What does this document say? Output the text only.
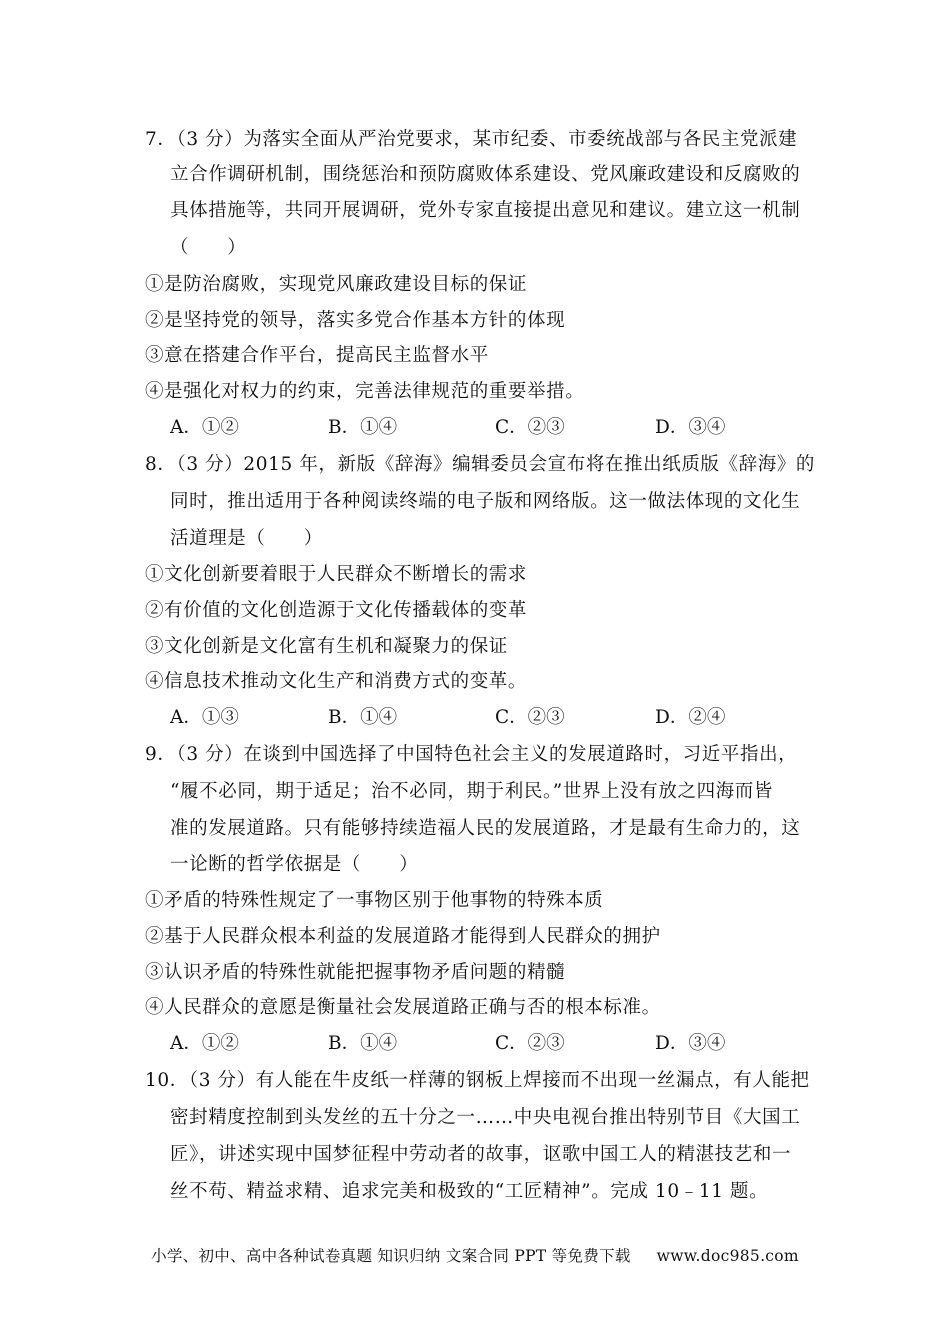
7．（3 分）为落实全面从严治党要求，某市纪委、市委统战部与各民主党派建
立合作调研机制，围绕惩治和预防腐败体系建设、党风廉政建设和反腐败的
具体措施等，共同开展调研，党外专家直接提出意见和建议。建立这一机制
（　　）
①是防治腐败，实现党风廉政建设目标的保证
②是坚持党的领导，落实多党合作基本方针的体现
③意在搭建合作平台，提高民主监督水平
④是强化对权力的约束，完善法律规范的重要举措。
A．①②	B．①④	C．②③	D．③④
8．（3 分）2015 年，新版《辞海》编辑委员会宣布将在推出纸质版《辞海》的
同时，推出适用于各种阅读终端的电子版和网络版。这一做法体现的文化生
活道理是（　　）
①文化创新要着眼于人民群众不断增长的需求
②有价值的文化创造源于文化传播载体的变革
③文化创新是文化富有生机和凝聚力的保证
④信息技术推动文化生产和消费方式的变革。
A．①③	B．①④	C．②③	D．②④
9．（3 分）在谈到中国选择了中国特色社会主义的发展道路时，习近平指出，
“履不必同，期于适足；治不必同，期于利民。”世界上没有放之四海而皆
准的发展道路。只有能够持续造福人民的发展道路，才是最有生命力的，这
一论断的哲学依据是（　　）
①矛盾的特殊性规定了一事物区别于他事物的特殊本质
②基于人民群众根本利益的发展道路才能得到人民群众的拥护
③认识矛盾的特殊性就能把握事物矛盾问题的精髓
④人民群众的意愿是衡量社会发展道路正确与否的根本标准。
A．①②	B．①④	C．②③	D．③④
10．（3 分）有人能在牛皮纸一样薄的钢板上焊接而不出现一丝漏点，有人能把
密封精度控制到头发丝的五十分之一……中央电视台推出特别节目《大国工
匠》，讲述实现中国梦征程中劳动者的故事，讴歌中国工人的精湛技艺和一
丝不苟、精益求精、追求完美和极致的“工匠精神”。完成 10﹣11 题。
小学、初中、高中各种试卷真题 知识归纳 文案合同 PPT 等免费下载 www.doc985.com
